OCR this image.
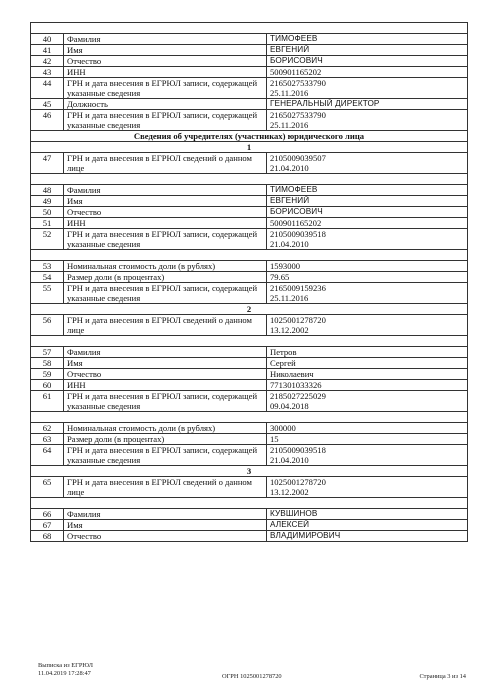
40	Фамилия	ТИМОФЕЕВ
41	Имя	ЕВГЕНИЙ
42	Отчество	БОРИСОВИЧ
43	ИНН	500901165202
44	ГРН и дата внесения в ЕГРЮЛ записи, содержащей указанные сведения	2165027533790
25.11.2016
45	Должность	ГЕНЕРАЛЬНЫЙ ДИРЕКТОР
46	ГРН и дата внесения в ЕГРЮЛ записи, содержащей указанные сведения	2165027533790
25.11.2016
Сведения об учредителях (участниках) юридического лица		
1		
47	ГРН и дата внесения в ЕГРЮЛ сведений о данном лице	2105009039507
21.04.2010

48	Фамилия	ТИМОФЕЕВ
49	Имя	ЕВГЕНИЙ
50	Отчество	БОРИСОВИЧ
51	ИНН	500901165202
52	ГРН и дата внесения в ЕГРЮЛ записи, содержащей указанные сведения	2105009039518
21.04.2010

53	Номинальная стоимость доли (в рублях)	1593000
54	Размер доли (в процентах)	79.65
55	ГРН и дата внесения в ЕГРЮЛ записи, содержащей указанные сведения	2165009159236
25.11.2016
2		
56	ГРН и дата внесения в ЕГРЮЛ сведений о данном лице	1025001278720
13.12.2002

57	Фамилия	Петров
58	Имя	Сергей
59	Отчество	Николаевич
60	ИНН	771301033326
61	ГРН и дата внесения в ЕГРЮЛ записи, содержащей указанные сведения	2185027225029
09.04.2018

62	Номинальная стоимость доли (в рублях)	300000
63	Размер доли (в процентах)	15
64	ГРН и дата внесения в ЕГРЮЛ записи, содержащей указанные сведения	2105009039518
21.04.2010
3		
65	ГРН и дата внесения в ЕГРЮЛ сведений о данном лице	1025001278720
13.12.2002

66	Фамилия	КУВШИНОВ
67	Имя	АЛЕКСЕЙ
68	Отчество	ВЛАДИМИРОВИЧ
Выписка из ЕГРЮЛ
11.04.2019 17:28:47	ОГРН 1025001278720	Страница 3 из 14
